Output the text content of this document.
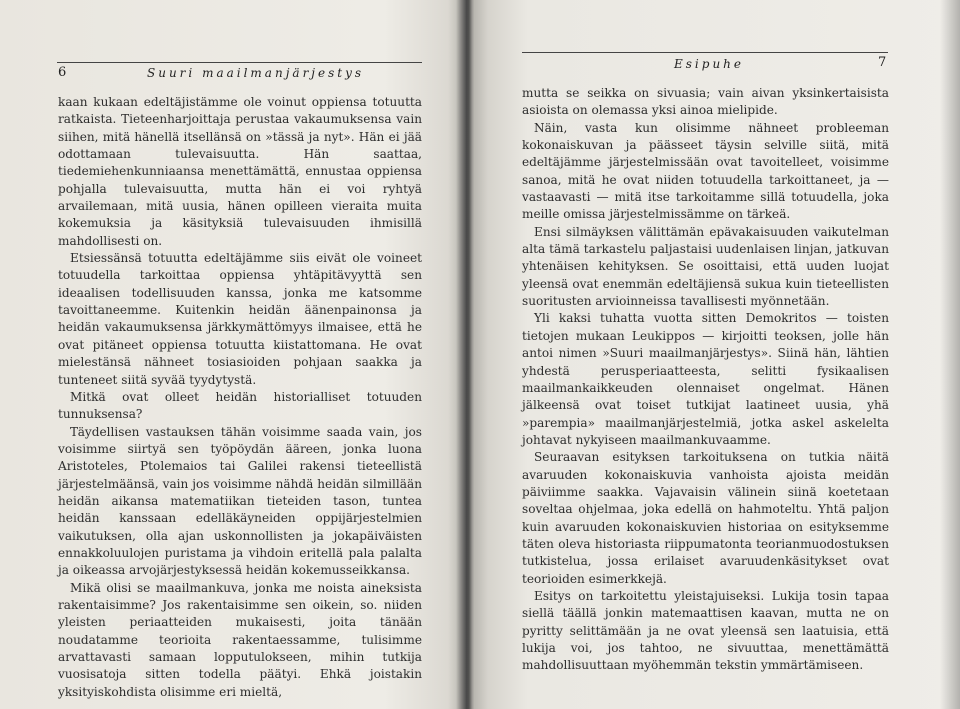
6	Suuri maailmanjärjestys

kaan kukaan edeltäjistämme ole voinut oppiensa totuutta ratkaista. Tieteenharjoittaja perustaa vakaumuksensa vain siihen, mitä hänellä itsellänsä on »tässä ja nyt». Hän ei jää odottamaan tulevaisuutta. Hän saattaa, tiedemiehenkunniaansa menettämättä, ennustaa oppiensa pohjalla tulevaisuutta, mutta hän ei voi ryhtyä arvailemaan, mitä uusia, hänen opilleen vieraita muita kokemuksia ja käsityksiä tulevaisuuden ihmisillä mahdollisesti on.

Etsiessänsä totuutta edeltäjämme siis eivät ole voineet totuudella tarkoittaa oppiensa yhtäpitävyyttä sen ideaalisen todellisuuden kanssa, jonka me katsomme tavoittaneemme. Kuitenkin heidän äänenpainonsa ja heidän vakaumuksensa järkkymättömyys ilmaisee, että he ovat pitäneet oppiensa totuutta kiistattomana. He ovat mielestänsä nähneet tosiasioiden pohjaan saakka ja tunteneet siitä syvää tyydytystä.

Mitkä ovat olleet heidän historialliset totuuden tunnuksensa?

Täydellisen vastauksen tähän voisimme saada vain, jos voisimme siirtyä sen työpöydän ääreen, jonka luona Aristoteles, Ptolemaios tai Galilei rakensi tieteellistä järjestelmäänsä, vain jos voisimme nähdä heidän silmillään heidän aikansa matematiikan tieteiden tason, tuntea heidän kanssaan edelläkäyneiden oppijärjestelmien vaikutuksen, olla ajan uskonnollisten ja jokapäiväisten ennakkoluulojen puristama ja vihdoin eritellä pala palalta ja oikeassa arvojärjestyksessä heidän kokemusseikkansa.

Mikä olisi se maailmankuva, jonka me noista aineksista rakentaisimme? Jos rakentaisimme sen oikein, so. niiden yleisten periaatteiden mukaisesti, joita tänään noudatamme teorioita rakentaessamme, tulisimme arvattavasti samaan lopputulokseen, mihin tutkija vuosisatoja sitten todella päätyi. Ehkä joistakin yksityiskohdista olisimme eri mieltä,

Esipuhe	7

mutta se seikka on sivuasia; vain aivan yksinkertaisista asioista on olemassa yksi ainoa mielipide.

Näin, vasta kun olisimme nähneet probleeman kokonaiskuvan ja päässeet täysin selville siitä, mitä edeltäjämme järjestelmissään ovat tavoitelleet, voisimme sanoa, mitä he ovat niiden totuudella tarkoittaneet, ja — vastaavasti — mitä itse tarkoitamme sillä totuudella, joka meille omissa järjestelmissämme on tärkeä.

Ensi silmäyksen välittämän epävakaisuuden vaikutelman alta tämä tarkastelu paljastaisi uudenlaisen linjan, jatkuvan yhtenäisen kehityksen. Se osoittaisi, että uuden luojat yleensä ovat enemmän edeltäjiensä sukua kuin tieteellisten suoritusten arvioinneissa tavallisesti myönnetään.

Yli kaksi tuhatta vuotta sitten Demokritos — toisten tietojen mukaan Leukippos — kirjoitti teoksen, jolle hän antoi nimen »Suuri maailmanjärjestys». Siinä hän, lähtien yhdestä perusperiaatteesta, selitti fysikaalisen maailmankaikkeuden olennaiset ongelmat. Hänen jälkeensä ovat toiset tutkijat laatineet uusia, yhä »parempia» maailmanjärjestelmiä, jotka askel askelelta johtavat nykyiseen maailmankuvaamme.

Seuraavan esityksen tarkoituksena on tutkia näitä avaruuden kokonaiskuvia vanhoista ajoista meidän päiviimme saakka. Vajavaisin välinein siinä koetetaan soveltaa ohjelmaa, joka edellä on hahmoteltu. Yhtä paljon kuin avaruuden kokonaiskuvien historiaa on esityksemme täten oleva historiasta riippumatonta teorianmuodostuksen tutkistelua, jossa erilaiset avaruudenkäsitykset ovat teorioiden esimerkkejä.

Esitys on tarkoitettu yleistajuiseksi. Lukija tosin tapaa siellä täällä jonkin matemaattisen kaavan, mutta ne on pyritty selittämään ja ne ovat yleensä sen laatuisia, että lukija voi, jos tahtoo, ne sivuuttaa, menettämättä mahdollisuuttaan myöhemmän tekstin ymmärtämiseen.
